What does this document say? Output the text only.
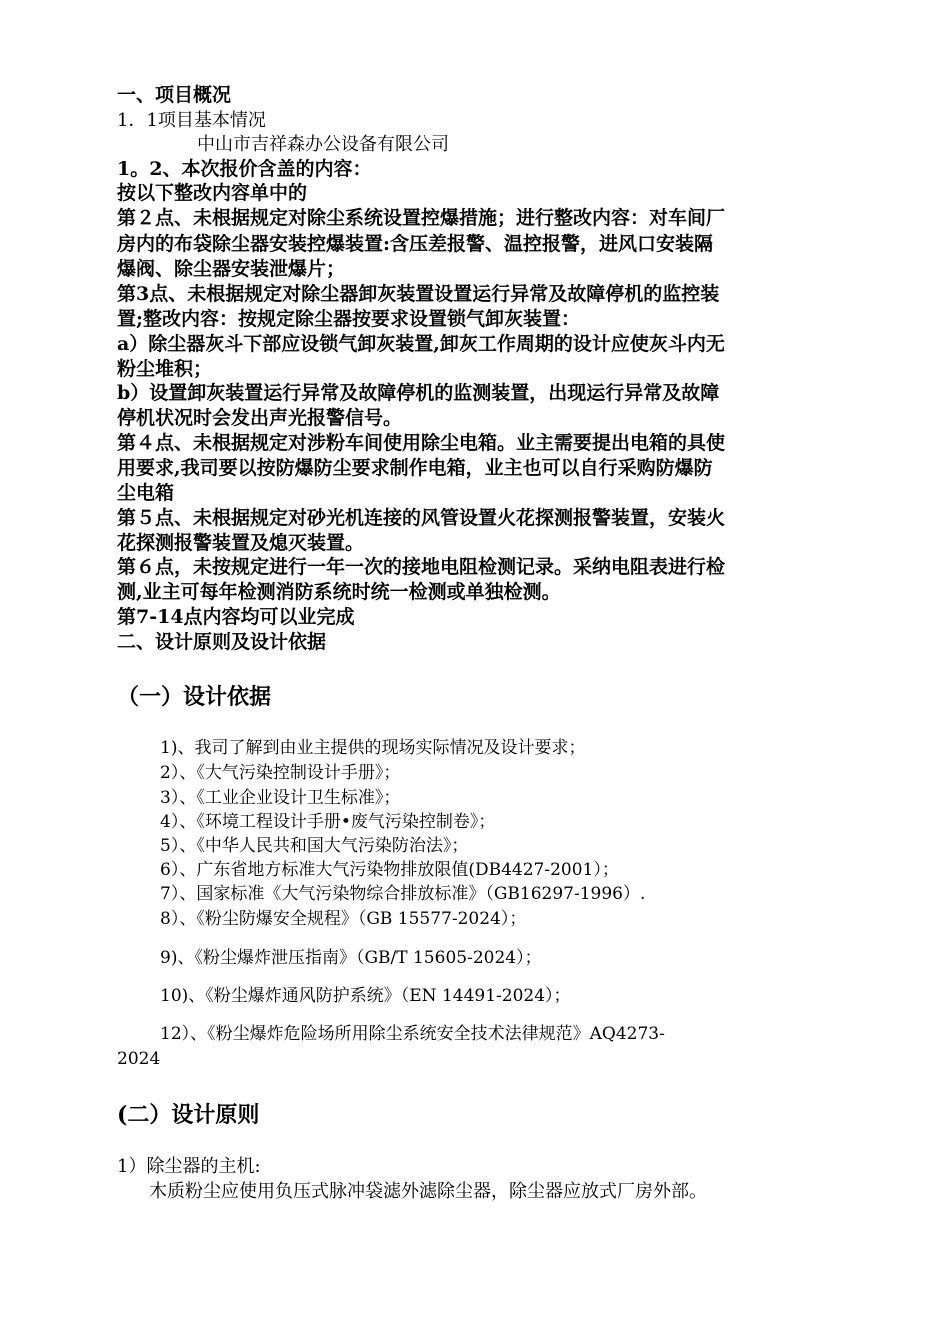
一、项目概况
1．1项目基本情况
中山市吉祥森办公设备有限公司
1。2、本次报价含盖的内容：
按以下整改内容单中的
第２点、未根据规定对除尘系统设置控爆措施；进行整改内容：对车间厂
房内的布袋除尘器安装控爆装置:含压差报警、温控报警，进风口安装隔
爆阀、除尘器安装泄爆片；
第3点、未根据规定对除尘器卸灰装置设置运行异常及故障停机的监控装
置;整改内容：按规定除尘器按要求设置锁气卸灰装置：
a）除尘器灰斗下部应设锁气卸灰装置,卸灰工作周期的设计应使灰斗内无
粉尘堆积；
b）设置卸灰装置运行异常及故障停机的监测装置，出现运行异常及故障
停机状况时会发出声光报警信号。
第４点、未根据规定对涉粉车间使用除尘电箱。业主需要提出电箱的具使
用要求,我司要以按防爆防尘要求制作电箱，业主也可以自行采购防爆防
尘电箱
第５点、未根据规定对砂光机连接的风管设置火花探测报警装置，安装火
花探测报警装置及熄灭装置。
第６点，未按规定进行一年一次的接地电阻检测记录。采纳电阻表进行检
测,业主可每年检测消防系统时统一检测或单独检测。
第7-14点内容均可以业完成
二、设计原则及设计依据
（一）设计依据
1)、我司了解到由业主提供的现场实际情况及设计要求；
2）、《大气污染控制设计手册》；
3）、《工业企业设计卫生标准》；
4）、《环境工程设计手册•废气污染控制卷》；
5）、《中华人民共和国大气污染防治法》；
6）、广东省地方标准大气污染物排放限值(DB4427-2001）；
7）、国家标准《大气污染物综合排放标准》（GB16297-1996）.
8）、《粉尘防爆安全规程》（GB 15577-2024）；
9)、《粉尘爆炸泄压指南》（GB/T 15605-2024）；
10)、《粉尘爆炸通风防护系统》（EN 14491-2024）；
12）、《粉尘爆炸危险场所用除尘系统安全技术法律规范》AQ4273-
2024
(二）设计原则
1）除尘器的主机:
木质粉尘应使用负压式脉冲袋滤外滤除尘器，除尘器应放式厂房外部。
